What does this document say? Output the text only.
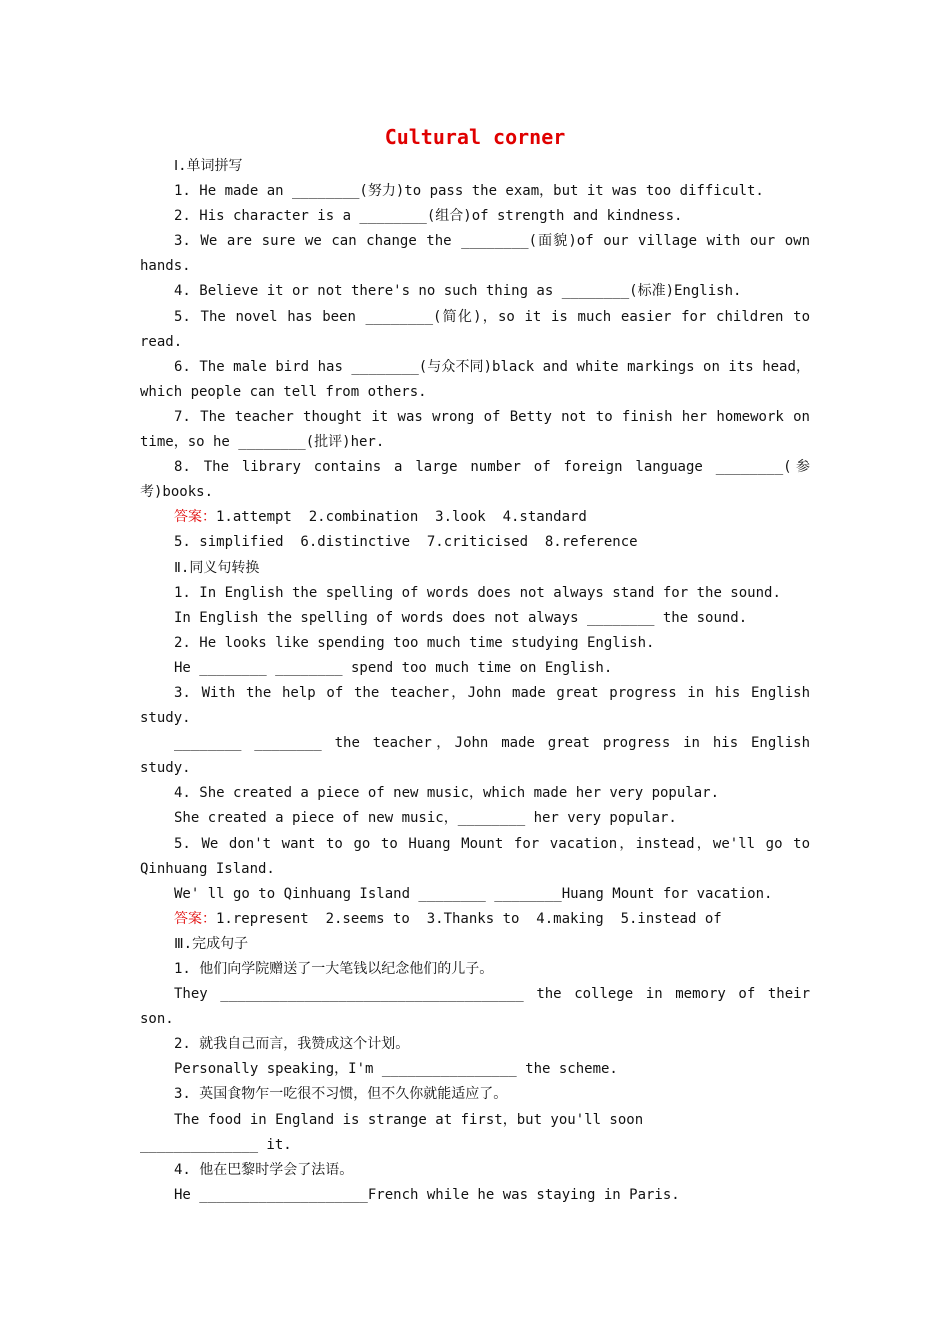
Cultural corner
Ⅰ.单词拼写
1. He made an ________(努力)to pass the exam，but it was too difficult.
2. His character is a ________(组合)of strength and kindness.
3. We are sure we can change the ________(面貌)of our village with our own hands.
4. Believe it or not there's no such thing as ________(标准)English.
5. The novel has been ________(简化)，so it is much easier for children to read.
6. The male bird has ________(与众不同)black and white markings on its head，which people can tell from others.
7. The teacher thought it was wrong of Betty not to finish her homework on time，so he ________(批评)her.
8. The library contains a large number of foreign language ________(参考)books.
答案：1.attempt  2.combination  3.look  4.standard
5. simplified  6.distinctive  7.criticised  8.reference
Ⅱ.同义句转换
1. In English the spelling of words does not always stand for the sound.
In English the spelling of words does not always ________ the sound.
2. He looks like spending too much time studying English.
He ________ ________ spend too much time on English.
3. With the help of the teacher，John made great progress in his English study.
________ ________ the teacher，John made great progress in his English study.
4. She created a piece of new music，which made her very popular.
She created a piece of new music，________ her very popular.
5. We don't want to go to Huang Mount for vacation，instead，we'll go to Qinhuang Island.
We' ll go to Qinhuang Island ________ ________Huang Mount for vacation.
答案：1.represent  2.seems to  3.Thanks to  4.making  5.instead of
Ⅲ.完成句子
1. 他们向学院赠送了一大笔钱以纪念他们的儿子。
They ____________________________________ the college in memory of their son.
2. 就我自己而言，我赞成这个计划。
Personally speaking，I'm ________________ the scheme.
3. 英国食物乍一吃很不习惯，但不久你就能适应了。
The food in England is strange at first，but you'll soon
______________ it.
4. 他在巴黎时学会了法语。
He ____________________French while he was staying in Paris.
